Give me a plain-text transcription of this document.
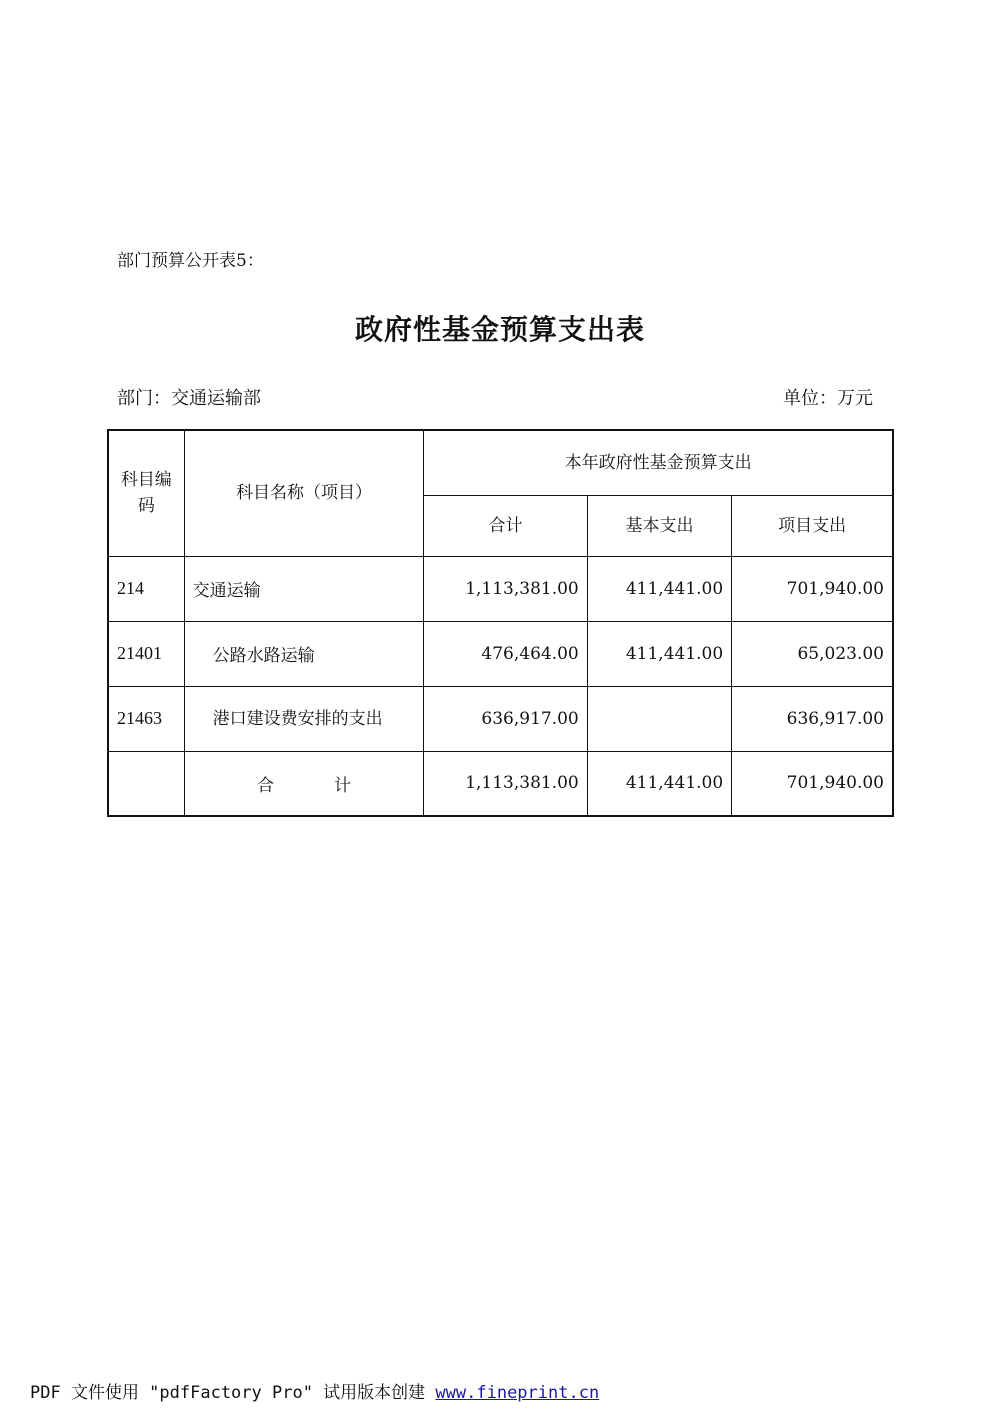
部门预算公开表5：
政府性基金预算支出表
部门：交通运输部	单位：万元
科目编码	科目名称（项目）	本年政府性基金预算支出		
		合计	基本支出	项目支出
214	交通运输	1,113,381.00	411,441.00	701,940.00
21401	公路水路运输	476,464.00	411,441.00	65,023.00
21463	港口建设费安排的支出	636,917.00		636,917.00
	合 计	1,113,381.00	411,441.00	701,940.00
PDF 文件使用 "pdfFactory Pro" 试用版本创建 www.fineprint.cn
